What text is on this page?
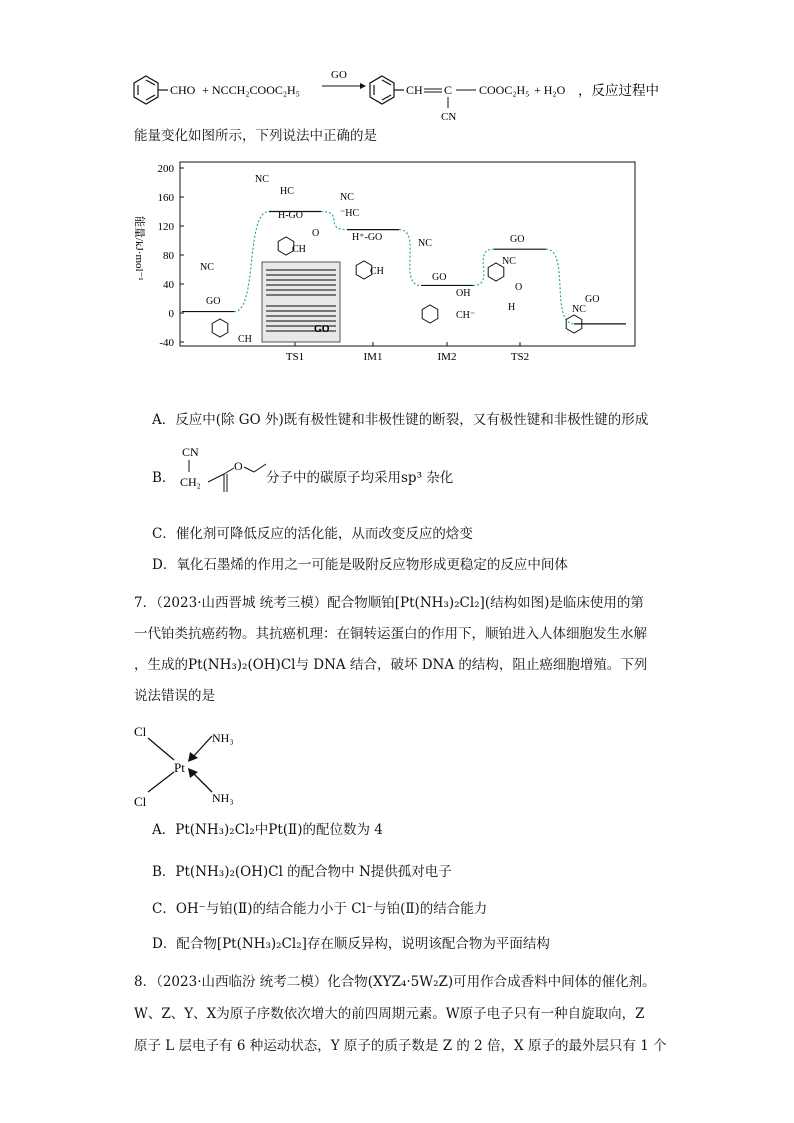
CHO + NCCH₂COOC₂H₅
GO
CH C
CN
COOC₂H₅ + H₂O ，反应过程中
能量变化如图所示，下列说法中正确的是
200
160
120
80
40
0
-40
能量/kJ·mol⁻¹
TS1	IM1	IM2	TS2
GO
NC
CH
NC
HC
H-GO
O
CH
NC
⁻HC
H⁺-GO
CH
NC
GO
OH
CH⁻
GO
NC
O
H
GO
NC
GO
A．反应中(除 GO 外)既有极性键和非极性键的断裂，又有极性键和非极性键的形成
B．
CN
CH₂
O
分子中的碳原子均采用sp³ 杂化
C．催化剂可降低反应的活化能，从而改变反应的焓变
D．氧化石墨烯的作用之一可能是吸附反应物形成更稳定的反应中间体
7．（2023·山西晋城 统考三模）配合物顺铂[Pt(NH₃)₂Cl₂](结构如图)是临床使用的第
一代铂类抗癌药物。其抗癌机理：在铜转运蛋白的作用下，顺铂进入人体细胞发生水解
，生成的Pt(NH₃)₂(OH)Cl与 DNA 结合，破坏 DNA 的结构，阻止癌细胞增殖。下列
说法错误的是
Cl
Cl
Pt
NH₃
NH₃
A．Pt(NH₃)₂Cl₂中Pt(Ⅱ)的配位数为 4
B．Pt(NH₃)₂(OH)Cl 的配合物中 N提供孤对电子
C．OH⁻与铂(Ⅱ)的结合能力小于 Cl⁻与铂(Ⅱ)的结合能力
D．配合物[Pt(NH₃)₂Cl₂]存在顺反异构，说明该配合物为平面结构
8．（2023·山西临汾 统考二模）化合物(XYZ₄·5W₂Z)可用作合成香料中间体的催化剂。
W、Z、Y、X为原子序数依次增大的前四周期元素。W原子电子只有一种自旋取向，Z
原子 L 层电子有 6 种运动状态，Y 原子的质子数是 Z 的 2 倍，X 原子的最外层只有 1 个
